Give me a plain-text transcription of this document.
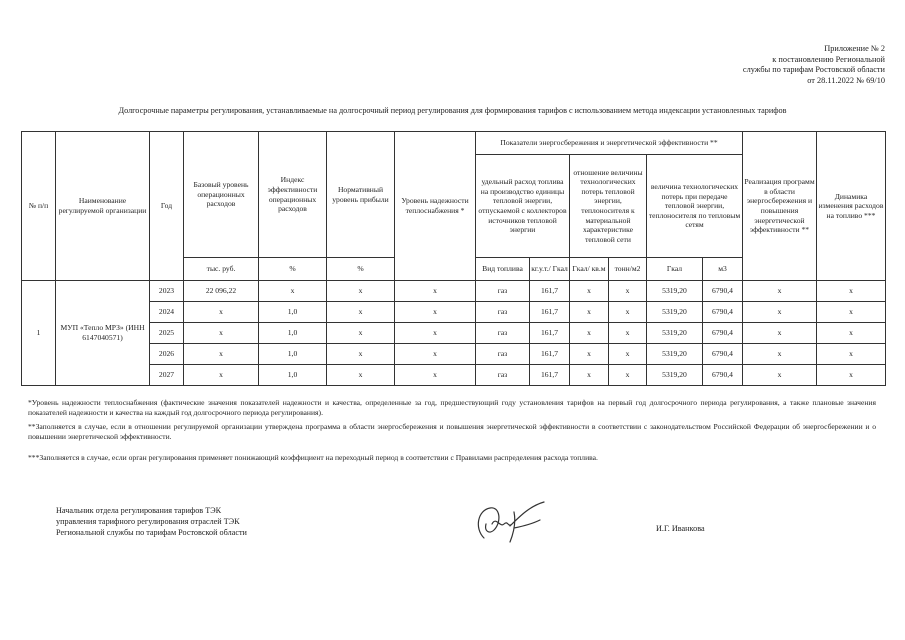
Приложение № 2
к постановлению Региональной
службы по тарифам Ростовской области
от 28.11.2022 № 69/10
Долгосрочные параметры регулирования, устанавливаемые на долгосрочный период регулирования для формирования тарифов с использованием метода индексации установленных тарифов
№ п/п	Наименование регулируемой организации	Год	Базовый уровень операционных расходов	Индекс эффективности операционных расходов	Нормативный уровень прибыли	Уровень надежности теплоснабжения *	Показатели энергосбережения и энергетической эффективности **						Реализация программ в области энергосбережения и повышения энергетической эффективности **	Динамика изменения расходов на топливо ***
							удельный расход топлива на производство единицы тепловой энергии, отпускаемой с коллекторов источников тепловой энергии		отношение величины технологических потерь тепловой энергии, теплоносителя к материальной характеристике тепловой сети		величина технологических потерь при передаче тепловой энергии, теплоносителя по тепловым сетям			
			тыс. руб.	%	%		Вид топлива	кг.у.т./ Гкал	Гкал/ кв.м	тонн/м2	Гкал	м3		
1	МУП «Тепло МРЗ» (ИНН 6147040571)	2023	22 096,22	х	х	х	газ	161,7	х	х	5319,20	6790,4	х	х
		2024	х	1,0	х	х	газ	161,7	х	х	5319,20	6790,4	х	х
		2025	х	1,0	х	х	газ	161,7	х	х	5319,20	6790,4	х	х
		2026	х	1,0	х	х	газ	161,7	х	х	5319,20	6790,4	х	х
		2027	х	1,0	х	х	газ	161,7	х	х	5319,20	6790,4	х	х
*Уровень надежности теплоснабжения (фактические значения показателей надежности и качества, определенные за год, предшествующий году установления тарифов на первый год долгосрочного периода регулирования, а также плановые значения показателей надежности и качества на каждый год долгосрочного периода регулирования).
**Заполняется в случае, если в отношении регулируемой организации утверждена программа в области энергосбережения и повышения энергетической эффективности в соответствии с законодательством Российской Федерации об энергосбережении и о повышении энергетической эффективности.
***Заполняется в случае, если орган регулирования применяет понижающий коэффициент на переходный период в соответствии с Правилами распределения расхода топлива.
Начальник отдела регулирования тарифов ТЭК
управления тарифного регулирования отраслей ТЭК
Региональной службы по тарифам Ростовской области	И.Г. Иванкова
